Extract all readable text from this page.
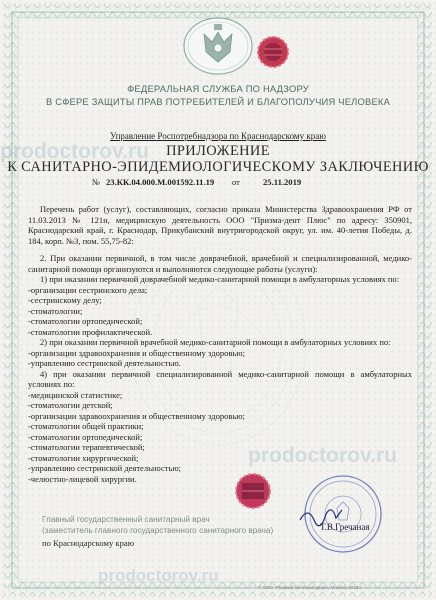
prodoctorov.ru
prodoctorov.ru
prodoctorov.ru
ФЕДЕРАЛЬНАЯ СЛУЖБА ПО НАДЗОРУ
В СФЕРЕ ЗАЩИТЫ ПРАВ ПОТРЕБИТЕЛЕЙ И БЛАГОПОЛУЧИЯ ЧЕЛОВЕКА
Управление Роспотребнадзора по Краснодарскому краю
ПРИЛОЖЕНИЕ
К САНИТАРНО-ЭПИДЕМИОЛОГИЧЕСКОМУ ЗАКЛЮЧЕНИЮ
№ 23.КК.04.000.М.001592.11.19 от	25.11.2019
Перечень работ (услуг), составляющих, согласно приказа Министерства Здравоохранения РФ от 11.03.2013 № 121н, медицинскую деятельность ООО "Призма-дент Плюс" по адресу: 350901, Краснодарский край, г. Краснодар, Прикубанский внутригородской округ, ул. им. 40-летия Победы, д. 184, корп. №3, пом. 55,75-82:
2. При оказании первичной, в том числе доврачебной, врачебной и специализированной, медико-санитарной помощи организуются и выполняются следующие работы (услуги):
1) при оказании первичной доврачебной медико-санитарной помощи в амбулаторных условиях по:
-организации сестринского дела;
-сестринскому делу;
-стоматологии;
-стоматологии ортопедической;
-стоматологии профилактической.
2) при оказании первичной врачебной медико-санитарной помощи в амбулаторных условиях по:
-организации здравоохранения и общественному здоровью;
-управлению сестринской деятельностью.
4) при оказании первичной специализированной медико-санитарной помощи в амбулаторных условиях по:
-медицинской статистике;
-стоматологии детской;
-организации здравоохранения и общественному здоровью;
-стоматологии общей практики;
-стоматологии ортопедической;
-стоматологии терапевтической;
-стоматологии хирургической;
-управлению сестринской деятельностью;
-челюстно-лицевой хирургии.
Главный государственный санитарный врач
(заместитель главного государственного санитарного врача)
по Краснодарскому краю
Т.В.Гречаная
© ООО «Первый печатный двор», Москва, 2018 г.
